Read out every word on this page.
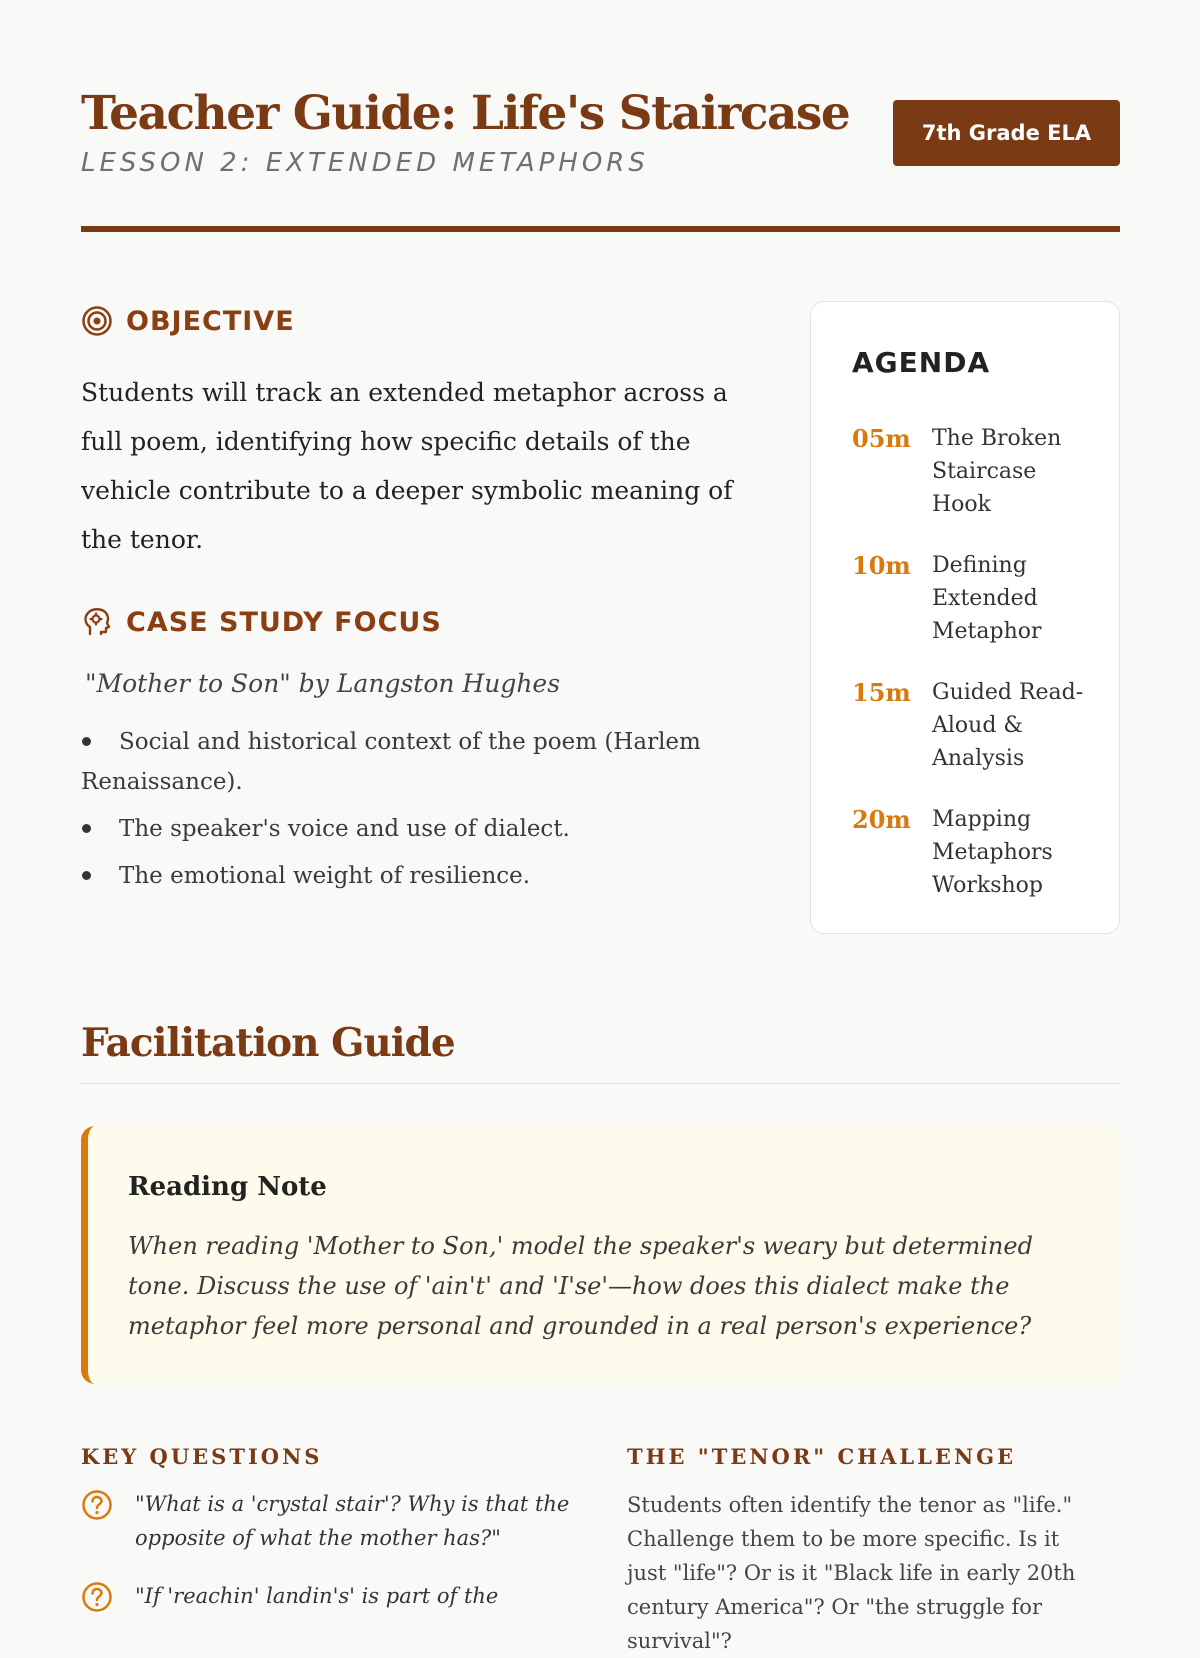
Teacher Guide: Life's Staircase
LESSON 2: EXTENDED METAPHORS
7th Grade ELA
OBJECTIVE

Students will track an extended metaphor across a full poem, identifying how specific details of the vehicle contribute to a deeper symbolic meaning of the tenor.

CASE STUDY FOCUS
"Mother to Son" by Langston Hughes
Social and historical context of the poem (Harlem Renaissance).
The speaker's voice and use of dialect.
The emotional weight of resilience.
AGENDA
05m The Broken Staircase Hook
10m Defining Extended Metaphor
15m Guided Read-Aloud & Analysis
20m Mapping Metaphors Workshop
Facilitation Guide
Reading Note

When reading 'Mother to Son,' model the speaker's weary but determined tone. Discuss the use of 'ain't' and 'I'se'—how does this dialect make the metaphor feel more personal and grounded in a real person's experience?

KEY QUESTIONS
"What is a 'crystal stair'? Why is that the opposite of what the mother has?"
"If 'reachin' landin's' is part of the
THE "TENOR" CHALLENGE

Students often identify the tenor as "life." Challenge them to be more specific. Is it just "life"? Or is it "Black life in early 20th century America"? Or "the struggle for survival"?
